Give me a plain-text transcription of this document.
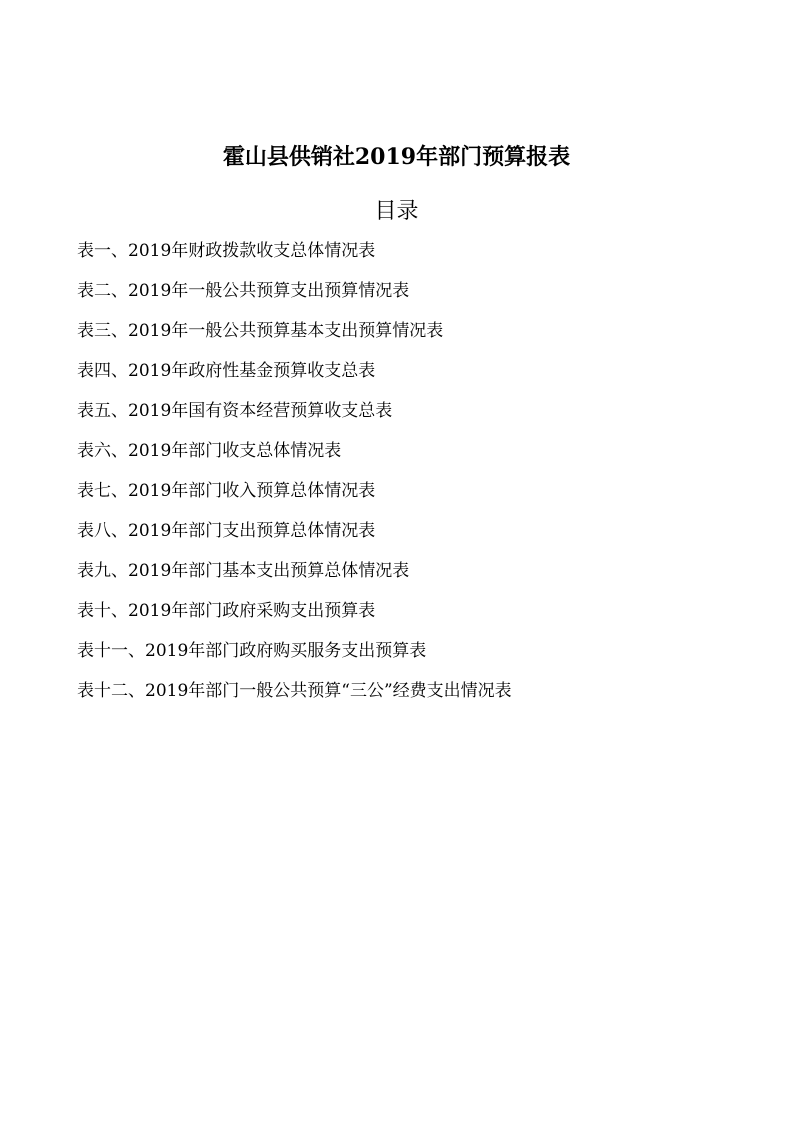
霍山县供销社2019年部门预算报表
目录
表一、2019年财政拨款收支总体情况表
表二、2019年一般公共预算支出预算情况表
表三、2019年一般公共预算基本支出预算情况表
表四、2019年政府性基金预算收支总表
表五、2019年国有资本经营预算收支总表
表六、2019年部门收支总体情况表
表七、2019年部门收入预算总体情况表
表八、2019年部门支出预算总体情况表
表九、2019年部门基本支出预算总体情况表
表十、2019年部门政府采购支出预算表
表十一、2019年部门政府购买服务支出预算表
表十二、2019年部门一般公共预算“三公”经费支出情况表
